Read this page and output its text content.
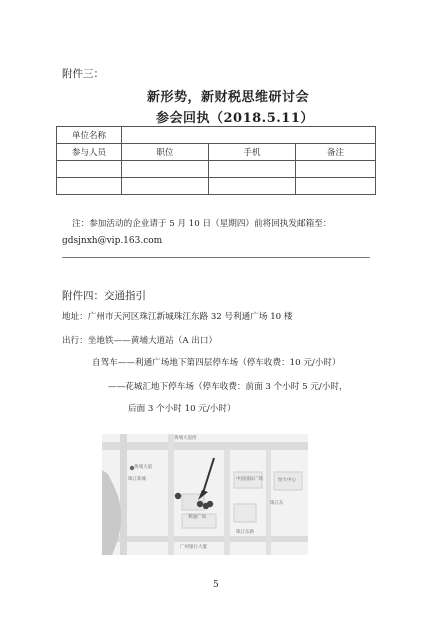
附件三：
新形势，新财税思维研讨会
参会回执（2018.5.11）
单位名称			
参与人员	职位	手机	备注

注：参加活动的企业请于 5 月 10 日（星期四）前将回执发邮箱至：
gdsjnxh@vip.163.com
附件四：交通指引
地址：广州市天河区珠江新城珠江东路 32 号利通广场 10 楼
出行：坐地铁——黄埔大道站（A 出口）
自驾车——利通广场地下第四层停车场（停车收费：10 元/小时）
——花城汇地下停车场（停车收费：前面 3 个小时 5 元/小时，
后面 3 个小时 10 元/小时）
黄埔大道西
黄埔大道
珠江新城
利通广场
中国国际广场	恒大中心
广州银行大厦
珠江东路
珠江东
5
